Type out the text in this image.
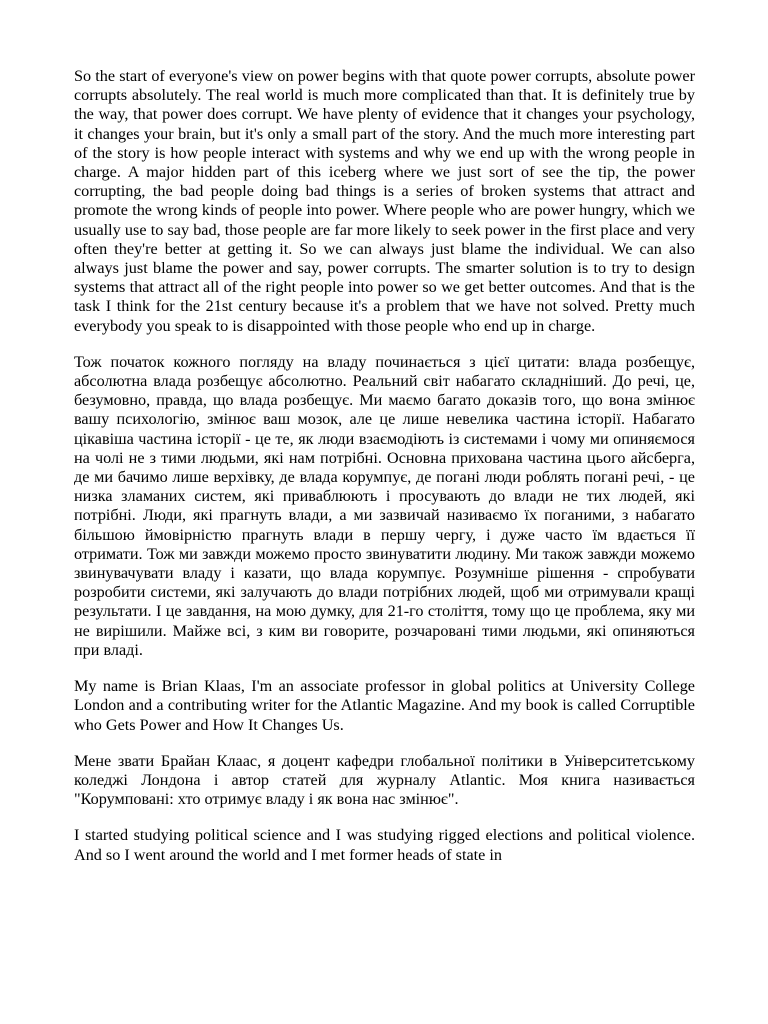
So the start of everyone's view on power begins with that quote power corrupts, absolute power corrupts absolutely. The real world is much more complicated than that. It is definitely true by the way, that power does corrupt. We have plenty of evidence that it changes your psychology, it changes your brain, but it's only a small part of the story. And the much more interesting part of the story is how people interact with systems and why we end up with the wrong people in charge. A major hidden part of this iceberg where we just sort of see the tip, the power corrupting, the bad people doing bad things is a series of broken systems that attract and promote the wrong kinds of people into power. Where people who are power hungry, which we usually use to say bad, those people are far more likely to seek power in the first place and very often they're better at getting it. So we can always just blame the individual. We can also always just blame the power and say, power corrupts. The smarter solution is to try to design systems that attract all of the right people into power so we get better outcomes. And that is the task I think for the 21st century because it's a problem that we have not solved. Pretty much everybody you speak to is disappointed with those people who end up in charge.

Тож початок кожного погляду на владу починається з цієї цитати: влада розбещує, абсолютна влада розбещує абсолютно. Реальний світ набагато складніший. До речі, це, безумовно, правда, що влада розбещує. Ми маємо багато доказів того, що вона змінює вашу психологію, змінює ваш мозок, але це лише невелика частина історії. Набагато цікавіша частина історії - це те, як люди взаємодіють із системами і чому ми опиняємося на чолі не з тими людьми, які нам потрібні. Основна прихована частина цього айсберга, де ми бачимо лише верхівку, де влада корумпує, де погані люди роблять погані речі, - це низка зламаних систем, які приваблюють і просувають до влади не тих людей, які потрібні. Люди, які прагнуть влади, а ми зазвичай називаємо їх поганими, з набагато більшою ймовірністю прагнуть влади в першу чергу, і дуже часто їм вдається її отримати. Тож ми завжди можемо просто звинуватити людину. Ми також завжди можемо звинувачувати владу і казати, що влада корумпує. Розумніше рішення - спробувати розробити системи, які залучають до влади потрібних людей, щоб ми отримували кращі результати. І це завдання, на мою думку, для 21-го століття, тому що це проблема, яку ми не вирішили. Майже всі, з ким ви говорите, розчаровані тими людьми, які опиняються при владі.

My name is Brian Klaas, I'm an associate professor in global politics at University College London and a contributing writer for the Atlantic Magazine. And my book is called Corruptible who Gets Power and How It Changes Us.

Мене звати Брайан Клаас, я доцент кафедри глобальної політики в Університетському коледжі Лондона і автор статей для журналу Atlantic. Моя книга називається "Корумповані: хто отримує владу і як вона нас змінює".

I started studying political science and I was studying rigged elections and political violence. And so I went around the world and I met former heads of state in
